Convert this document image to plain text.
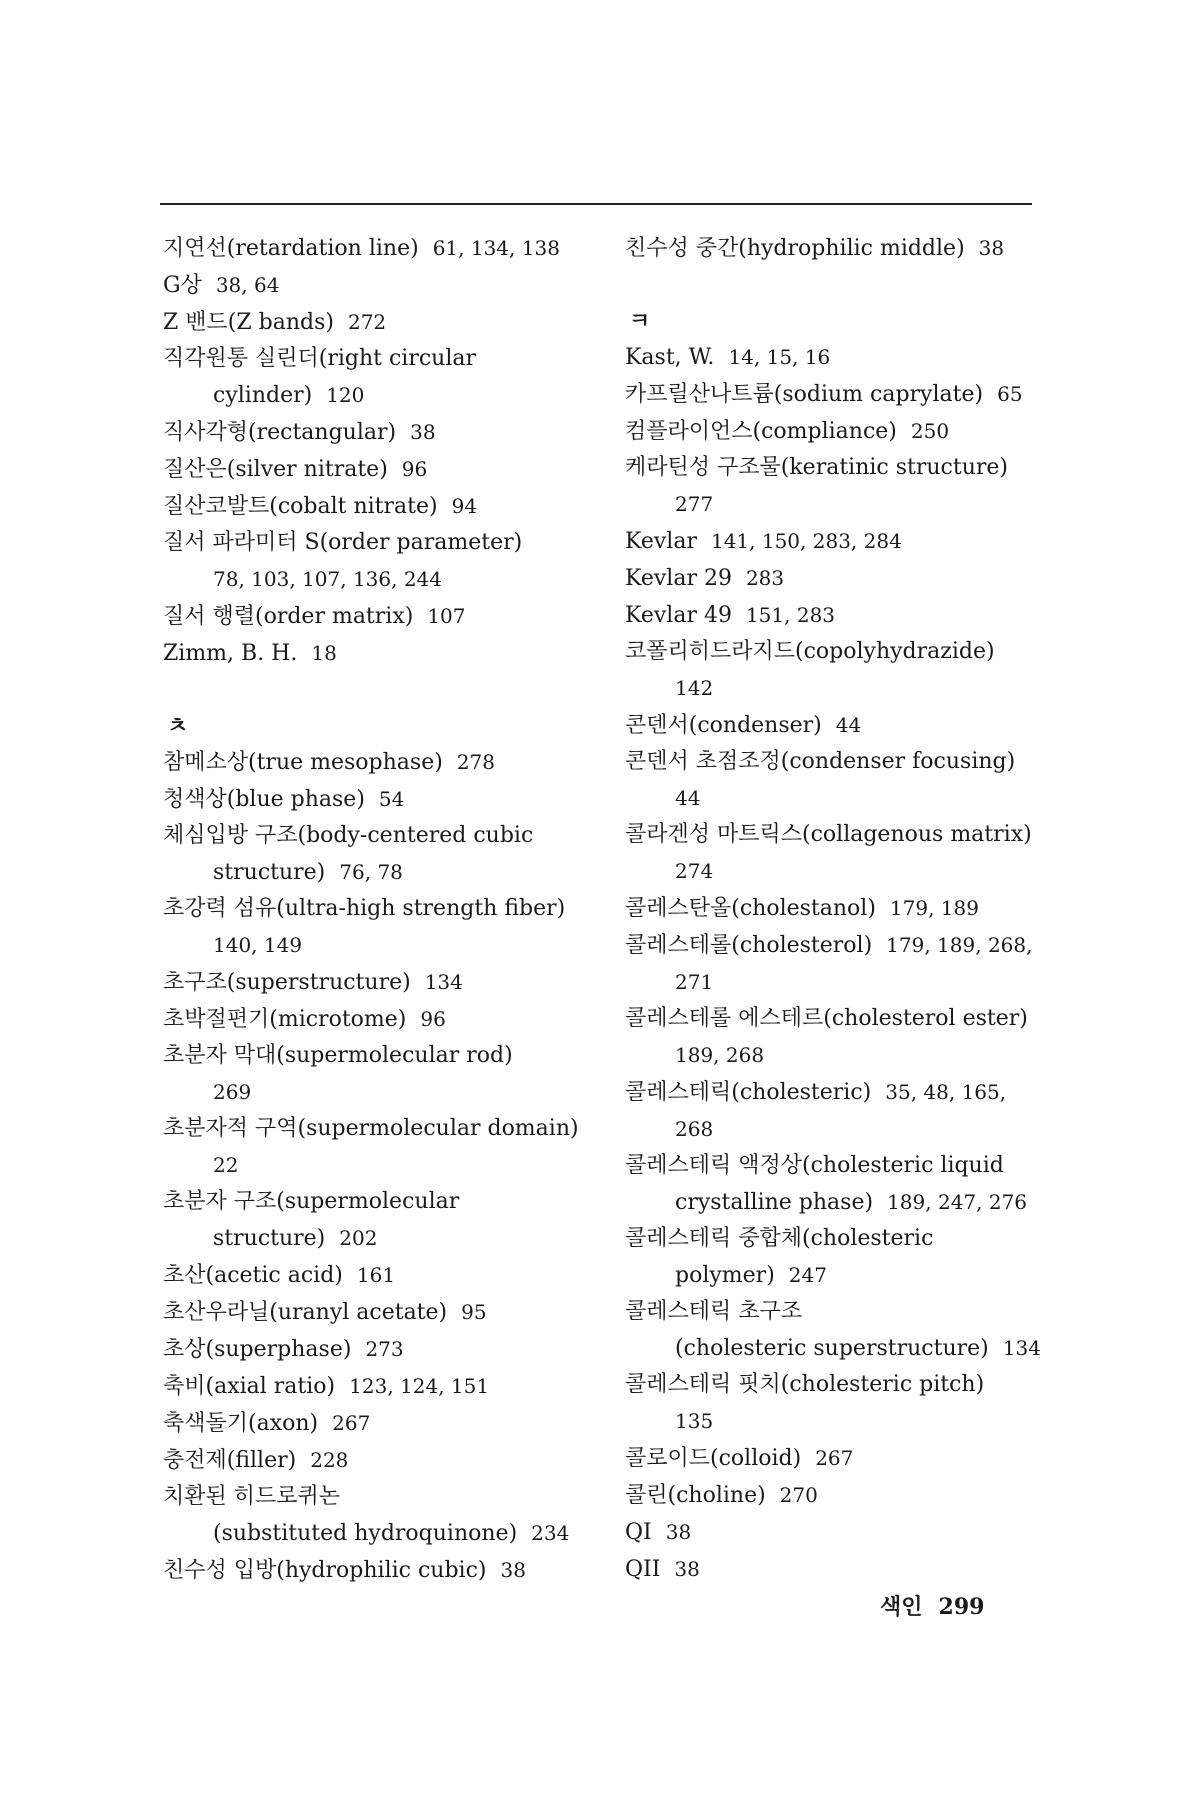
지연선(retardation line) 61, 134, 138
G상 38, 64
Z 밴드(Z bands) 272
직각원통 실린더(right circular
cylinder) 120
직사각형(rectangular) 38
질산은(silver nitrate) 96
질산코발트(cobalt nitrate) 94
질서 파라미터 S(order parameter)
78, 103, 107, 136, 244
질서 행렬(order matrix) 107
Zimm, B. H. 18
ㅊ
참메소상(true mesophase) 278
청색상(blue phase) 54
체심입방 구조(body-centered cubic
structure) 76, 78
초강력 섬유(ultra-high strength fiber)
140, 149
초구조(superstructure) 134
초박절편기(microtome) 96
초분자 막대(supermolecular rod)
269
초분자적 구역(supermolecular domain)
22
초분자 구조(supermolecular
structure) 202
초산(acetic acid) 161
초산우라닐(uranyl acetate) 95
초상(superphase) 273
축비(axial ratio) 123, 124, 151
축색돌기(axon) 267
충전제(filler) 228
치환된 히드로퀴논
(substituted hydroquinone) 234
친수성 입방(hydrophilic cubic) 38
친수성 중간(hydrophilic middle) 38
ㅋ
Kast, W. 14, 15, 16
카프릴산나트륨(sodium caprylate) 65
컴플라이언스(compliance) 250
케라틴성 구조물(keratinic structure)
277
Kevlar 141, 150, 283, 284
Kevlar 29 283
Kevlar 49 151, 283
코폴리히드라지드(copolyhydrazide)
142
콘덴서(condenser) 44
콘덴서 초점조정(condenser focusing)
44
콜라겐성 마트릭스(collagenous matrix)
274
콜레스탄올(cholestanol) 179, 189
콜레스테롤(cholesterol) 179, 189, 268,
271
콜레스테롤 에스테르(cholesterol ester)
189, 268
콜레스테릭(cholesteric) 35, 48, 165,
268
콜레스테릭 액정상(cholesteric liquid
crystalline phase) 189, 247, 276
콜레스테릭 중합체(cholesteric
polymer) 247
콜레스테릭 초구조
(cholesteric superstructure) 134
콜레스테릭 핏치(cholesteric pitch)
135
콜로이드(colloid) 267
콜린(choline) 270
QI 38
QII 38
색인 299
